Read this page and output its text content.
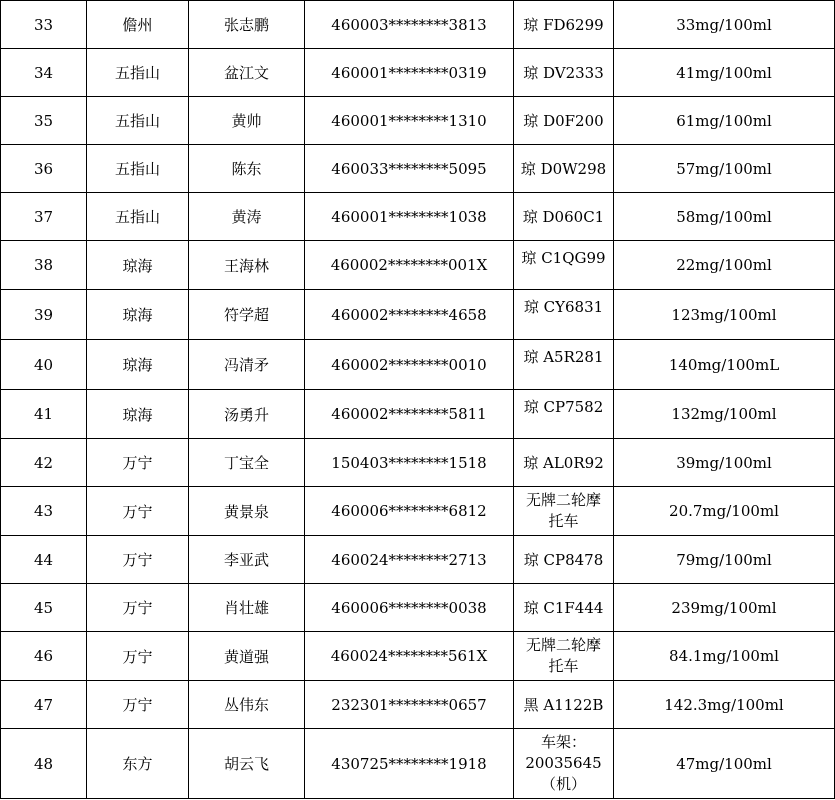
33	儋州	张志鹏	460003********3813	琼 FD6299	33mg/100ml
34	五指山	盆江文	460001********0319	琼 DV2333	41mg/100ml
35	五指山	黄帅	460001********1310	琼 D0F200	61mg/100ml
36	五指山	陈东	460033********5095	琼 D0W298	57mg/100ml
37	五指山	黄涛	460001********1038	琼 D060C1	58mg/100ml
38	琼海	王海林	460002********001X	琼 C1QG99	22mg/100ml
39	琼海	符学超	460002********4658	琼 CY6831	123mg/100ml
40	琼海	冯清矛	460002********0010	琼 A5R281	140mg/100mL
41	琼海	汤勇升	460002********5811	琼 CP7582	132mg/100ml
42	万宁	丁宝全	150403********1518	琼 AL0R92	39mg/100ml
43	万宁	黄景泉	460006********6812	无牌二轮摩托车	20.7mg/100ml
44	万宁	李亚武	460024********2713	琼 CP8478	79mg/100ml
45	万宁	肖壮雄	460006********0038	琼 C1F444	239mg/100ml
46	万宁	黄道强	460024********561X	无牌二轮摩托车	84.1mg/100ml
47	万宁	丛伟东	232301********0657	黑 A1122B	142.3mg/100ml
48	东方	胡云飞	430725********1918	车架：20035645（机）	47mg/100ml
